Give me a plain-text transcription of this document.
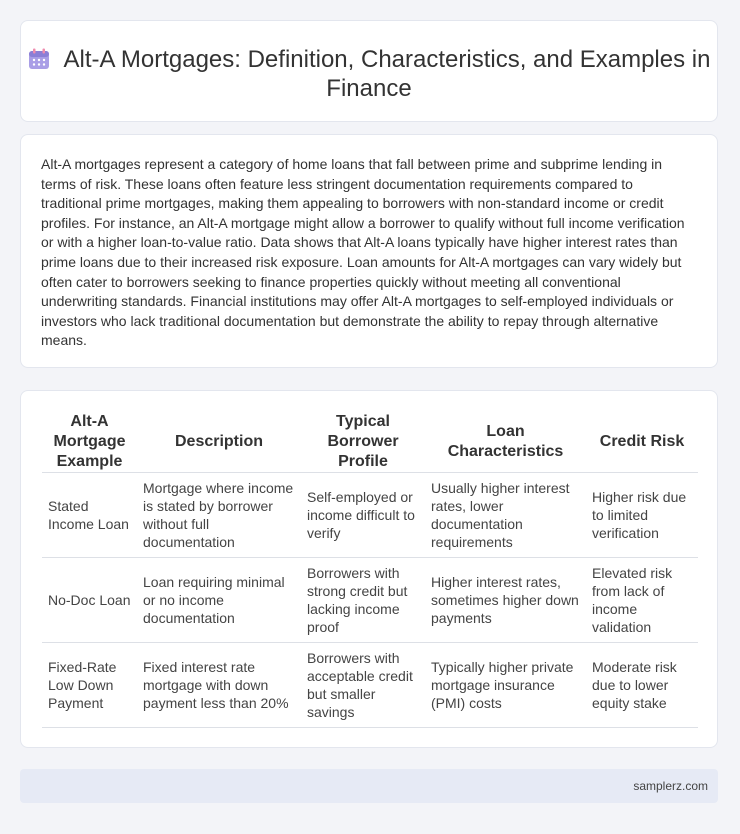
Alt-A Mortgages: Definition, Characteristics, and Examples in Finance

Alt-A mortgages represent a category of home loans that fall between prime and subprime lending in terms of risk. These loans often feature less stringent documentation requirements compared to traditional prime mortgages, making them appealing to borrowers with non-standard income or credit profiles. For instance, an Alt-A mortgage might allow a borrower to qualify without full income verification or with a higher loan-to-value ratio. Data shows that Alt-A loans typically have higher interest rates than prime loans due to their increased risk exposure. Loan amounts for Alt-A mortgages can vary widely but often cater to borrowers seeking to finance properties quickly without meeting all conventional underwriting standards. Financial institutions may offer Alt-A mortgages to self-employed individuals or investors who lack traditional documentation but demonstrate the ability to repay through alternative means.

Alt-A Mortgage Example	Description	Typical Borrower Profile	Loan Characteristics	Credit Risk
Stated Income Loan	Mortgage where income is stated by borrower without full documentation	Self-employed or income difficult to verify	Usually higher interest rates, lower documentation requirements	Higher risk due to limited verification
No-Doc Loan	Loan requiring minimal or no income documentation	Borrowers with strong credit but lacking income proof	Higher interest rates, sometimes higher down payments	Elevated risk from lack of income validation
Fixed-Rate Low Down Payment	Fixed interest rate mortgage with down payment less than 20%	Borrowers with acceptable credit but smaller savings	Typically higher private mortgage insurance (PMI) costs	Moderate risk due to lower equity stake
samplerz.com
